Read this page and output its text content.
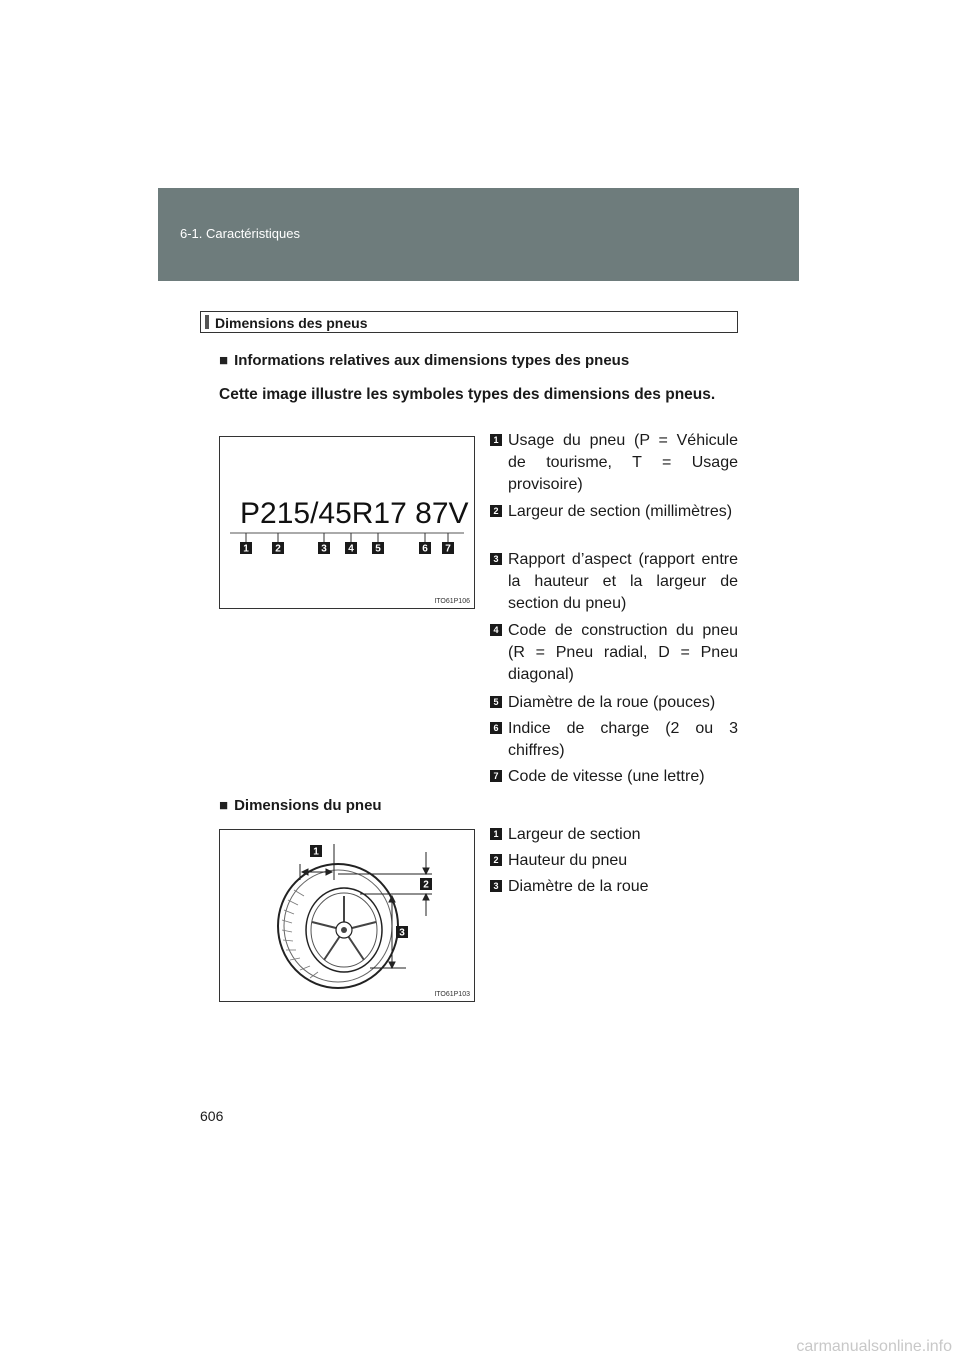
6-1. Caractéristiques
Dimensions des pneus
■ Informations relatives aux dimensions types des pneus
Cette image illustre les symboles types des dimensions des pneus.
P215/45R17 87V
1	2	3 4 5	6 7
ITO61P106
1 Usage du pneu (P = Véhicule de tourisme, T = Usage provisoire)
2 Largeur de section (millimètres)
3 Rapport d’aspect (rapport entre la hauteur et la largeur de section du pneu)
4 Code de construction du pneu (R = Pneu radial, D = Pneu diagonal)
5 Diamètre de la roue (pouces)
6 Indice de charge (2 ou 3 chiffres)
7 Code de vitesse (une lettre)
■ Dimensions du pneu
1
2
3
ITO61P103
1 Largeur de section
2 Hauteur du pneu
3 Diamètre de la roue
606
carmanualsonline.info
